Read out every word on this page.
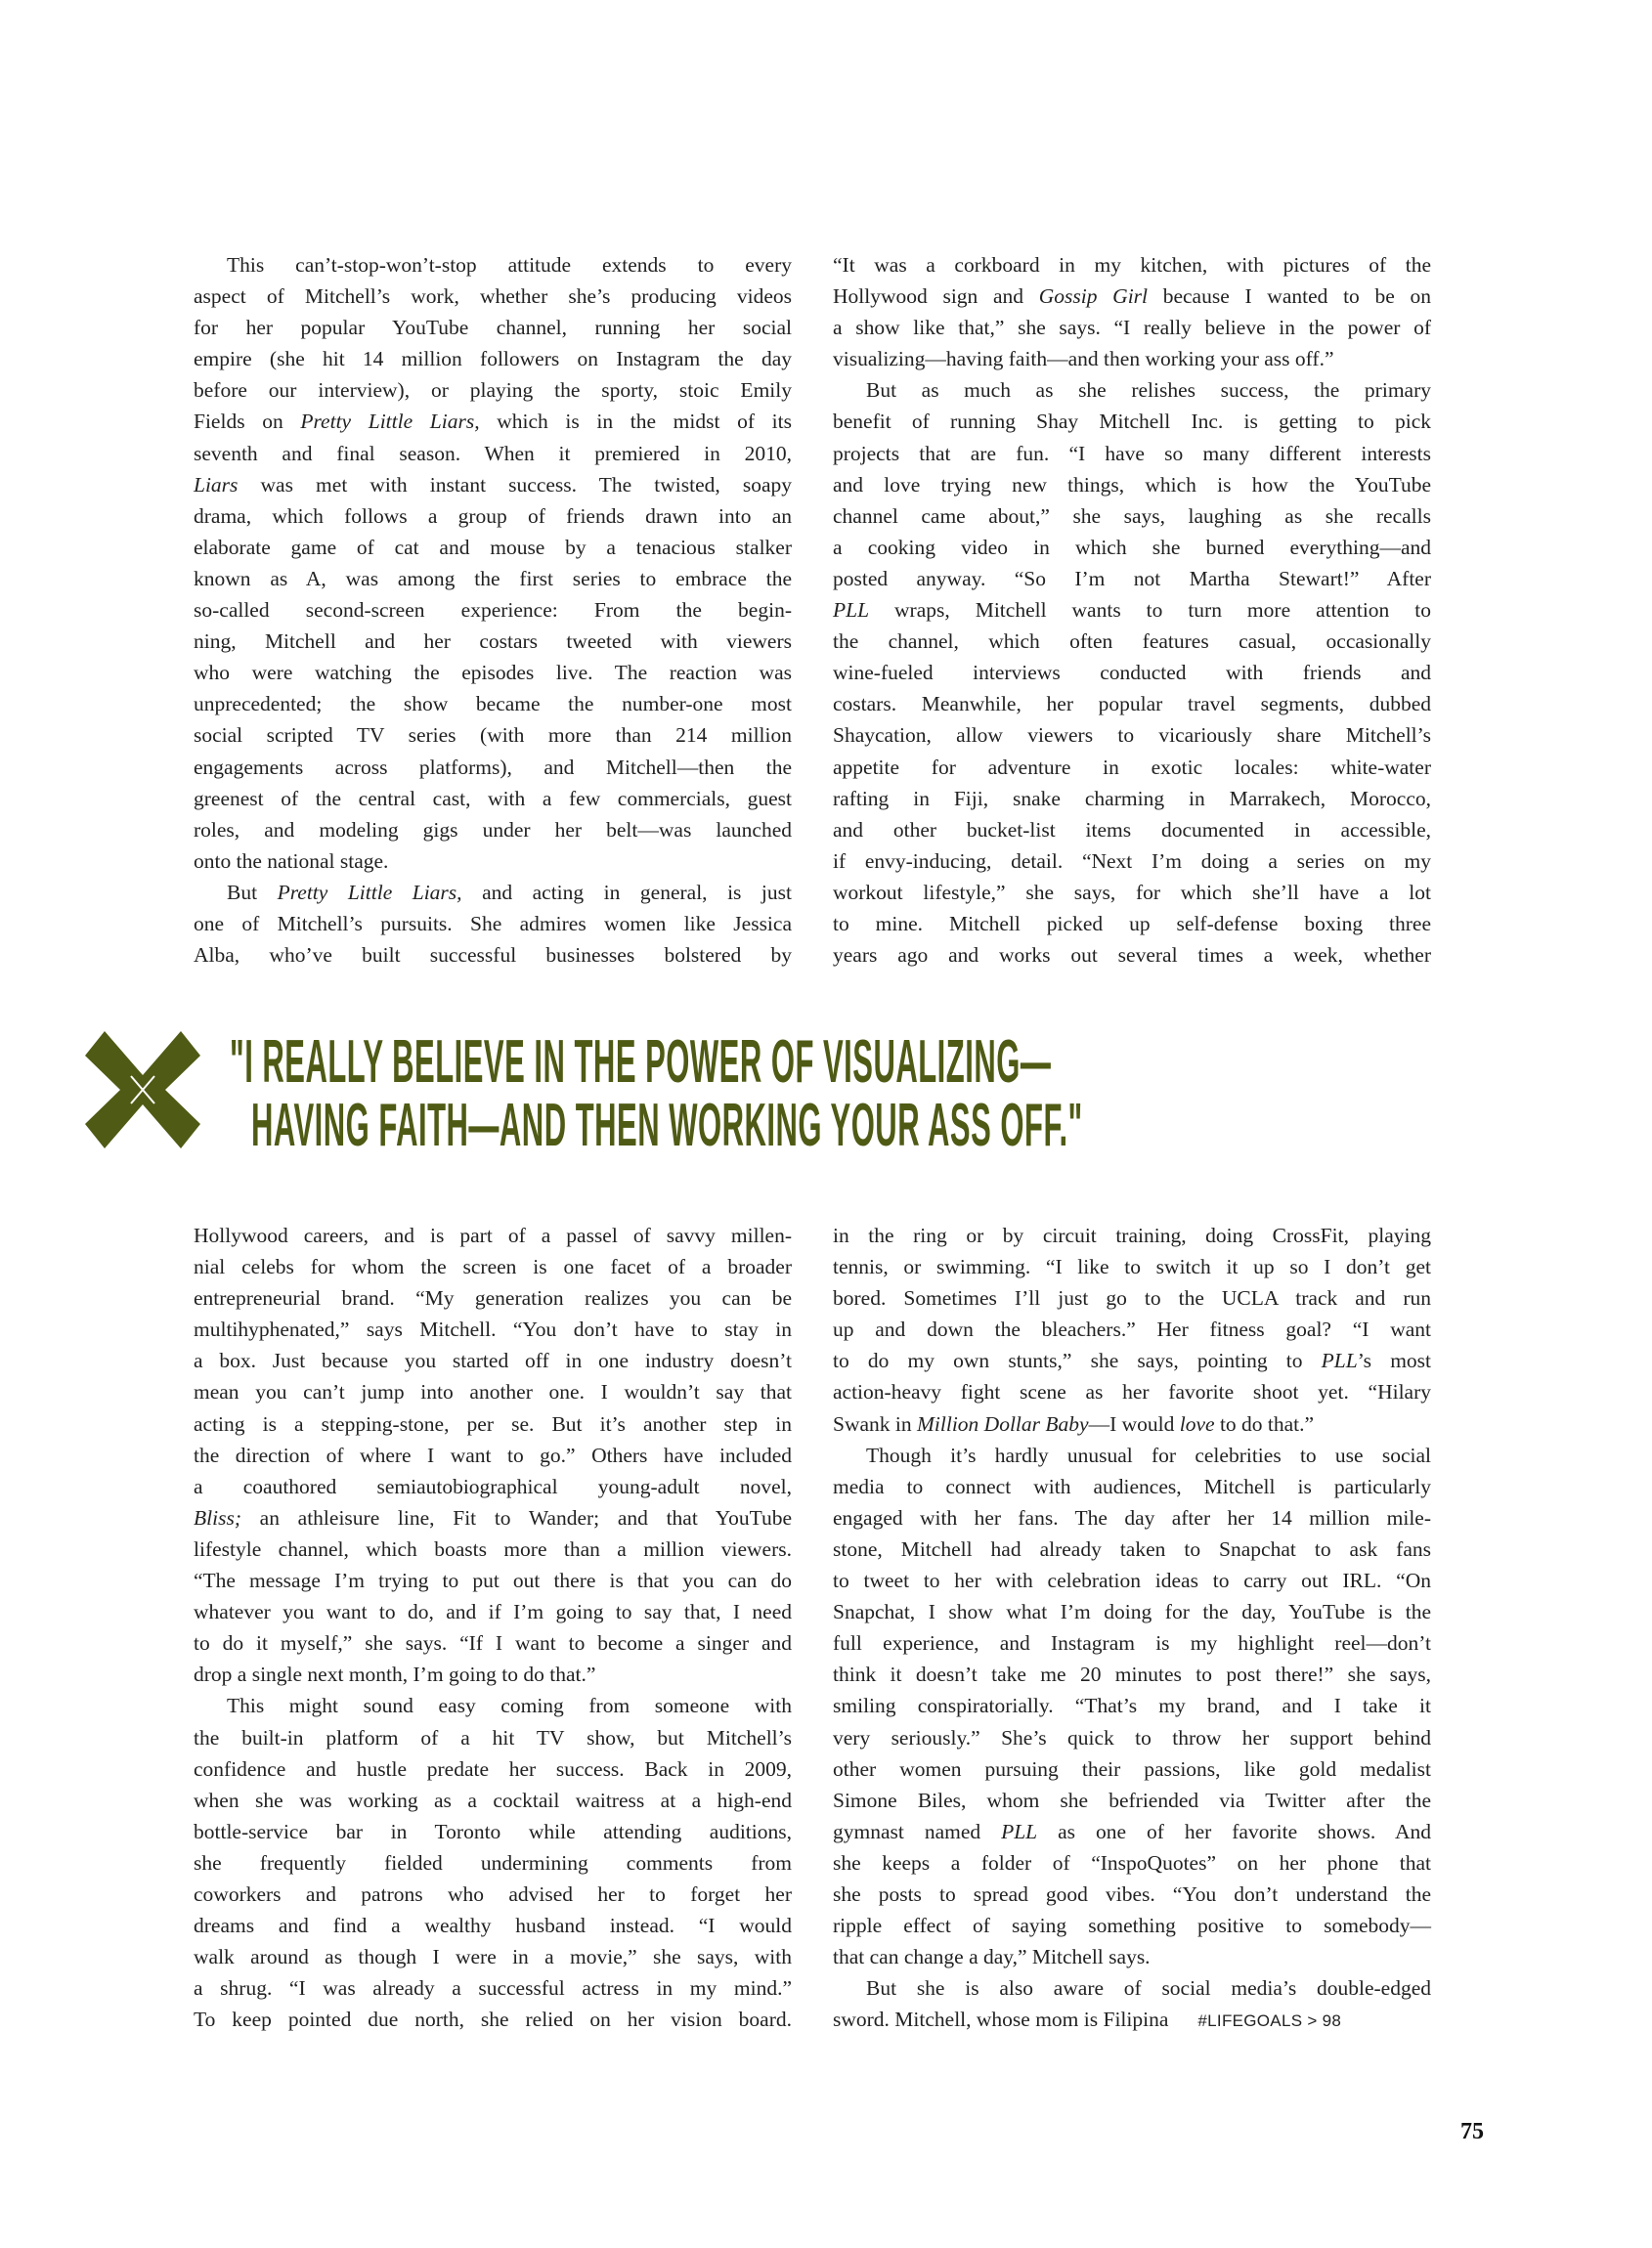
This can’t-stop-won’t-stop attitude extends to every
aspect of Mitchell’s work, whether she’s producing videos
for her popular YouTube channel, running her social
empire (she hit 14 million followers on Instagram the day
before our interview), or playing the sporty, stoic Emily
Fields on Pretty Little Liars, which is in the midst of its
seventh and final season. When it premiered in 2010,
Liars was met with instant success. The twisted, soapy
drama, which follows a group of friends drawn into an
elaborate game of cat and mouse by a tenacious stalker
known as A, was among the first series to embrace the
so-called second-screen experience: From the begin-
ning, Mitchell and her costars tweeted with viewers
who were watching the episodes live. The reaction was
unprecedented; the show became the number-one most
social scripted TV series (with more than 214 million
engagements across platforms), and Mitchell—then the
greenest of the central cast, with a few commercials, guest
roles, and modeling gigs under her belt—was launched
onto the national stage.
But Pretty Little Liars, and acting in general, is just
one of Mitchell’s pursuits. She admires women like Jessica
Alba, who’ve built successful businesses bolstered by
“It was a corkboard in my kitchen, with pictures of the
Hollywood sign and Gossip Girl because I wanted to be on
a show like that,” she says. “I really believe in the power of
visualizing—having faith—and then working your ass off.”
But as much as she relishes success, the primary
benefit of running Shay Mitchell Inc. is getting to pick
projects that are fun. “I have so many different interests
and love trying new things, which is how the YouTube
channel came about,” she says, laughing as she recalls
a cooking video in which she burned everything—and
posted anyway. “So I’m not Martha Stewart!” After
PLL wraps, Mitchell wants to turn more attention to
the channel, which often features casual, occasionally
wine-fueled interviews conducted with friends and
costars. Meanwhile, her popular travel segments, dubbed
Shaycation, allow viewers to vicariously share Mitchell’s
appetite for adventure in exotic locales: white-water
rafting in Fiji, snake charming in Marrakech, Morocco,
and other bucket-list items documented in accessible,
if envy-inducing, detail. “Next I’m doing a series on my
workout lifestyle,” she says, for which she’ll have a lot
to mine. Mitchell picked up self-defense boxing three
years ago and works out several times a week, whether
"I REALLY BELIEVE IN THE POWER OF VISUALIZING—
HAVING FAITH—AND THEN WORKING YOUR ASS OFF."
Hollywood careers, and is part of a passel of savvy millen-
nial celebs for whom the screen is one facet of a broader
entrepreneurial brand. “My generation realizes you can be
multihyphenated,” says Mitchell. “You don’t have to stay in
a box. Just because you started off in one industry doesn’t
mean you can’t jump into another one. I wouldn’t say that
acting is a stepping-stone, per se. But it’s another step in
the direction of where I want to go.” Others have included
a coauthored semiautobiographical young-adult novel,
Bliss; an athleisure line, Fit to Wander; and that YouTube
lifestyle channel, which boasts more than a million viewers.
“The message I’m trying to put out there is that you can do
whatever you want to do, and if I’m going to say that, I need
to do it myself,” she says. “If I want to become a singer and
drop a single next month, I’m going to do that.”
This might sound easy coming from someone with
the built-in platform of a hit TV show, but Mitchell’s
confidence and hustle predate her success. Back in 2009,
when she was working as a cocktail waitress at a high-end
bottle-service bar in Toronto while attending auditions,
she frequently fielded undermining comments from
coworkers and patrons who advised her to forget her
dreams and find a wealthy husband instead. “I would
walk around as though I were in a movie,” she says, with
a shrug. “I was already a successful actress in my mind.”
To keep pointed due north, she relied on her vision board.
in the ring or by circuit training, doing CrossFit, playing
tennis, or swimming. “I like to switch it up so I don’t get
bored. Sometimes I’ll just go to the UCLA track and run
up and down the bleachers.” Her fitness goal? “I want
to do my own stunts,” she says, pointing to PLL’s most
action-heavy fight scene as her favorite shoot yet. “Hilary
Swank in Million Dollar Baby—I would love to do that.”
Though it’s hardly unusual for celebrities to use social
media to connect with audiences, Mitchell is particularly
engaged with her fans. The day after her 14 million mile-
stone, Mitchell had already taken to Snapchat to ask fans
to tweet to her with celebration ideas to carry out IRL. “On
Snapchat, I show what I’m doing for the day, YouTube is the
full experience, and Instagram is my highlight reel—don’t
think it doesn’t take me 20 minutes to post there!” she says,
smiling conspiratorially. “That’s my brand, and I take it
very seriously.” She’s quick to throw her support behind
other women pursuing their passions, like gold medalist
Simone Biles, whom she befriended via Twitter after the
gymnast named PLL as one of her favorite shows. And
she keeps a folder of “InspoQuotes” on her phone that
she posts to spread good vibes. “You don’t understand the
ripple effect of saying something positive to somebody—
that can change a day,” Mitchell says.
But she is also aware of social media’s double-edged
sword. Mitchell, whose mom is Filipina #LIFEGOALS > 98
75
